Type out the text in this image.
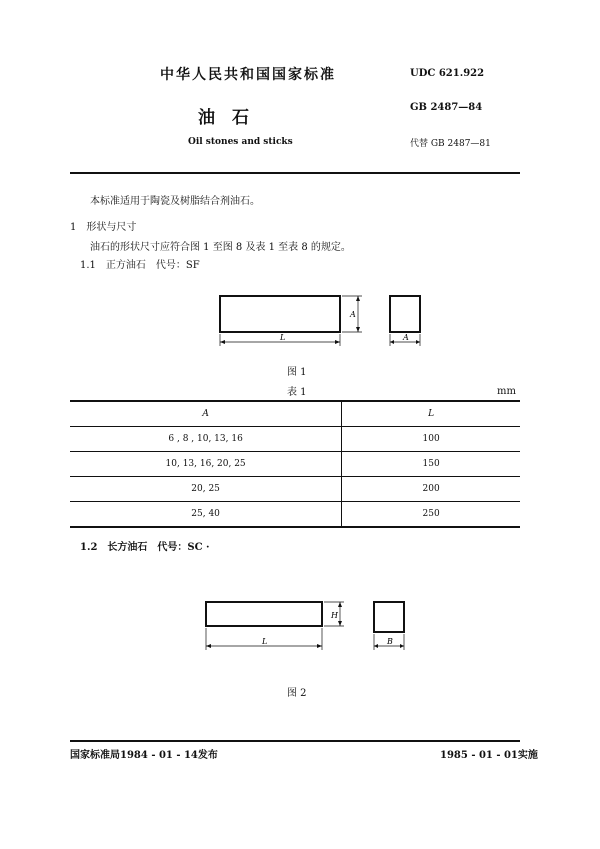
中华人民共和国国家标准
油　石
Oil stones and sticks
UDC 621.922
GB 2487—84
代替 GB 2487—81
本标准适用于陶瓷及树脂结合剂油石。
1　形状与尺寸
油石的形状尺寸应符合图 1 至图 8 及表 1 至表 8 的规定。
1.1　正方油石　代号：SF
A
L	A
图 1
表 1	mm
A	L
6 , 8 , 10, 13, 16	100
10, 13, 16, 20, 25	150
20, 25	200
25, 40	250
1.2　长方油石　代号：SC ·
H
L	B
图 2
国家标准局1984 - 01 - 14发布	1985 - 01 - 01实施
